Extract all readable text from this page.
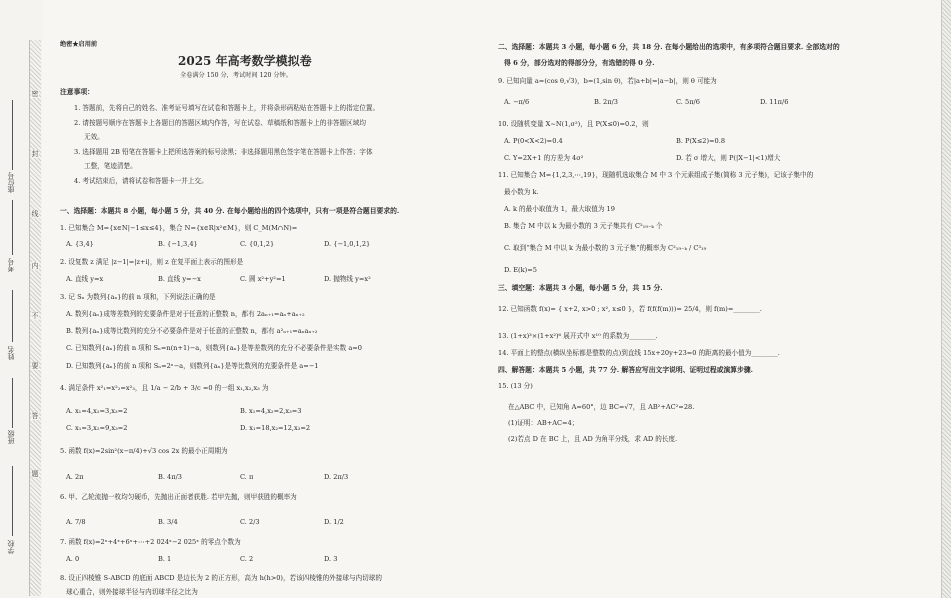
密
封
线
内
不
要
答
题
座位号
考号
姓名
班级
学校
绝密★启用前
2025 年高考数学模拟卷
全卷满分 150 分，考试时间 120 分钟。
注意事项：
1. 答题前，先将自己的姓名、准考证号填写在试卷和答题卡上，并将条形码粘贴在答题卡上的指定位置。
2. 请按题号顺序在答题卡上各题目的答题区域内作答，写在试卷、草稿纸和答题卡上的非答题区域均
无效。
3. 选择题用 2B 铅笔在答题卡上把所选答案的标号涂黑；非选择题用黑色签字笔在答题卡上作答；字体
工整，笔迹清楚。
4. 考试结束后，请将试卷和答题卡一并上交。
一、选择题：本题共 8 小题，每小题 5 分，共 40 分. 在每小题给出的四个选项中，只有一项是符合题目要求的.
1. 已知集合 M={x∈N|−1≤x≤4}，集合 N={x∈R|x²∈M}，则 C_M(M∩N)=
A. {3,4}	B. {−1,3,4}	C. {0,1,2}	D. {−1,0,1,2}
2. 设复数 z 满足 |z−1|=|z+i|，则 z 在复平面上表示的图形是
A. 直线 y=x	B. 直线 y=−x	C. 圆 x²+y²=1	D. 抛物线 y=x²
3. 记 Sₙ 为数列{aₙ}的前 n 项和，下列说法正确的是
A. 数列{aₙ}成等差数列的充要条件是对于任意的正整数 n，都有 2aₙ₊₁=aₙ+aₙ₊₂
B. 数列{aₙ}成等比数列的充分不必要条件是对于任意的正整数 n，都有 a²ₙ₊₁=aₙaₙ₊₂
C. 已知数列{aₙ}的前 n 项和 Sₙ=n(n+1)−a，则数列{aₙ}是等差数列的充分不必要条件是实数 a=0
D. 已知数列{aₙ}的前 n 项和 Sₙ=2ⁿ−a，则数列{aₙ}是等比数列的充要条件是 a=−1
4. 满足条件 x²₁=x²₂=x²₃，且 1/a − 2/b + 3/c =0 的一组 x₁,x₂,x₃ 为
A. x₁=4,x₂=3,x₃=2	B. x₁=4,x₂=2,x₃=3
C. x₁=3,x₂=9,x₃=2	D. x₁=18,x₂=12,x₃=2
5. 函数 f(x)=2sin²(x−π/4)+√3 cos 2x 的最小正周期为
A. 2π	B. 4π/3	C. π	D. 2π/3
6. 甲、乙轮流抛一枚均匀硬币，先抛出正面者获胜. 若甲先抛，则甲获胜的概率为
A. 7/8	B. 3/4	C. 2/3	D. 1/2
7. 函数 f(x)=2ˣ+4ˣ+6ˣ+⋯+2 024ˣ−2 025ˣ 的零点个数为
A. 0	B. 1	C. 2	D. 3
8. 设正四棱锥 S-ABCD 的底面 ABCD 是边长为 2 的正方形，高为 h(h>0)，若该四棱锥的外接球与内切球的
球心重合，则外接球半径与内切球半径之比为
二、选择题：本题共 3 小题，每小题 6 分，共 18 分. 在每小题给出的选项中，有多项符合题目要求. 全部选对的
得 6 分，部分选对的得部分分，有选错的得 0 分.
9. 已知向量 a=(cos θ,√3)，b=(1,sin θ)，若|a+b|=|a−b|，则 θ 可能为
A. −π/6	B. 2π/3	C. 5π/6	D. 11π/6
10. 设随机变量 X~N(1,σ²)，且 P(X≤0)=0.2，则
A. P(0<X<2)=0.4	B. P(X≤2)=0.8
C. Y=2X+1 的方差为 4σ²	D. 若 σ 增大，则 P(|X−1|<1)增大
11. 已知集合 M={1,2,3,⋯,19}，现随机选取集合 M 中 3 个元素组成子集(简称 3 元子集)，记该子集中的
最小数为 k.
A. k 的最小取值为 1，最大取值为 19
B. 集合 M 中以 k 为最小数的 3 元子集共有 C²₁₉₋ₖ 个
C. 取到“集合 M 中以 k 为最小数的 3 元子集”的概率为 C²₁₉₋ₖ / C³₁₉
D. E(k)=5
三、填空题：本题共 3 小题，每小题 5 分，共 15 分.
12. 已知函数 f(x)= { x+2, x>0 ; x², x≤0 }，若 f(f(f(m)))= 25/4，则 f(m)=________.
13. (1+x)³×(1+x²)⁶ 展开式中 x¹⁰ 的系数为________.
14. 平面上的整点(横纵坐标都是整数的点)到直线 15x+20y+23=0 的距离的最小值为________.
四、解答题：本题共 5 小题，共 77 分. 解答应写出文字说明、证明过程或演算步骤.
15. (13 分)
在△ABC 中，已知角 A=60°，边 BC=√7，且 AB²+AC²=28.
(1)证明：AB+AC=4；
(2)若点 D 在 BC 上，且 AD 为角平分线，求 AD 的长度.
